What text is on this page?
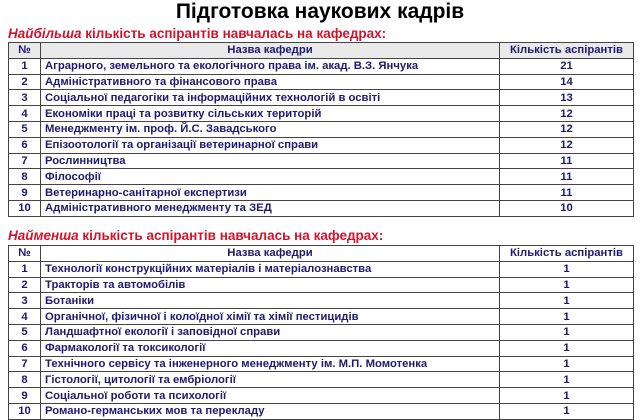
Підготовка наукових кадрів
Найбільша кількість аспірантів навчалась на кафедрах:
№	Назва кафедри	Кількість аспірантів
1	Аграрного, земельного та екологічного права ім. акад. В.З. Янчука	21
2	Адміністративного та фінансового права	14
3	Соціальної педагогіки та інформаційних технологій в освіті	13
4	Економіки праці та розвитку сільських територій	12
5	Менеджменту ім. проф. Й.С. Завадського	12
6	Епізоотології та організації ветеринарної справи	12
7	Рослинництва	11
8	Філософії	11
9	Ветеринарно-санітарної експертизи	11
10	Адміністративного менеджменту та ЗЕД	10
Найменша кількість аспірантів навчалась на кафедрах:
№	Назва кафедри	Кількість аспірантів
1	Технології конструкційних матеріалів і матеріалознавства	1
2	Тракторів та автомобілів	1
3	Ботаніки	1
4	Органічної, фізичної і колоїдної хімії та хімії пестицидів	1
5	Ландшафтної екології і заповідної справи	1
6	Фармакології та токсикології	1
7	Технічного сервісу та інженерного менеджменту ім. М.П. Момотенка	1
8	Гістології, цитології та ембріології	1
9	Соціальної роботи та психології	1
10	Романо-германських мов та перекладу	1
